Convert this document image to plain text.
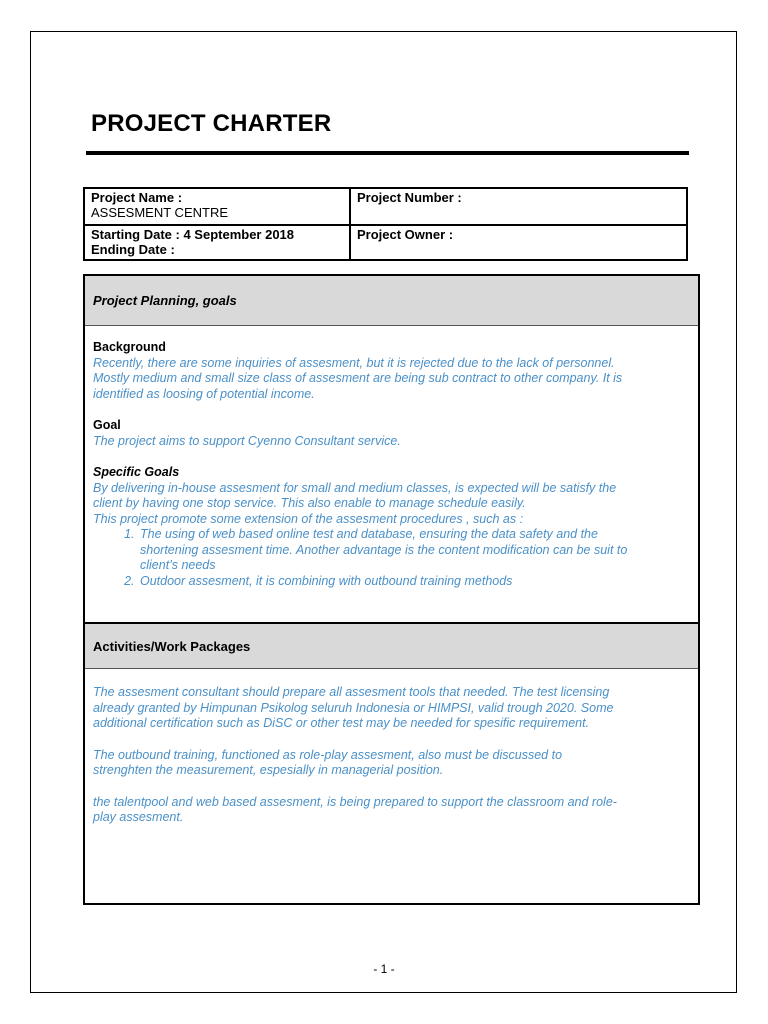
PROJECT CHARTER
Project Name :
ASSESMENT CENTRE	Project Number :

Starting Date : 4 September 2018
Ending Date :	Project Owner :
Project Planning, goals

Background

Recently, there are some inquiries of assesment, but it is rejected due to the lack of personnel. Mostly medium and small size class of assesment are being sub contract to other company. It is identified as loosing of potential income.

Goal

The project aims to support Cyenno Consultant service.

Specific Goals

By delivering in-house assesment for small and medium classes, is expected will be satisfy the client by having one stop service. This also enable to manage schedule easily.

This project promote some extension of the assesment procedures , such as :

1. The using of web based online test and database, ensuring the data safety and the shortening assesment time. Another advantage is the content modification can be suit to client’s needs
2. Outdoor assesment, it is combining with outbound training methods
Activities/Work Packages

The assesment consultant should prepare all assesment tools that needed. The test licensing already granted by Himpunan Psikolog seluruh Indonesia or HIMPSI, valid trough 2020. Some additional certification such as DiSC or other test may be needed for spesific requirement.

The outbound training, functioned as role-play assesment, also must be discussed to strenghten the measurement, espesially in managerial position.

the talentpool and web based assesment, is being prepared to support the classroom and role-play assesment.

- 1 -
